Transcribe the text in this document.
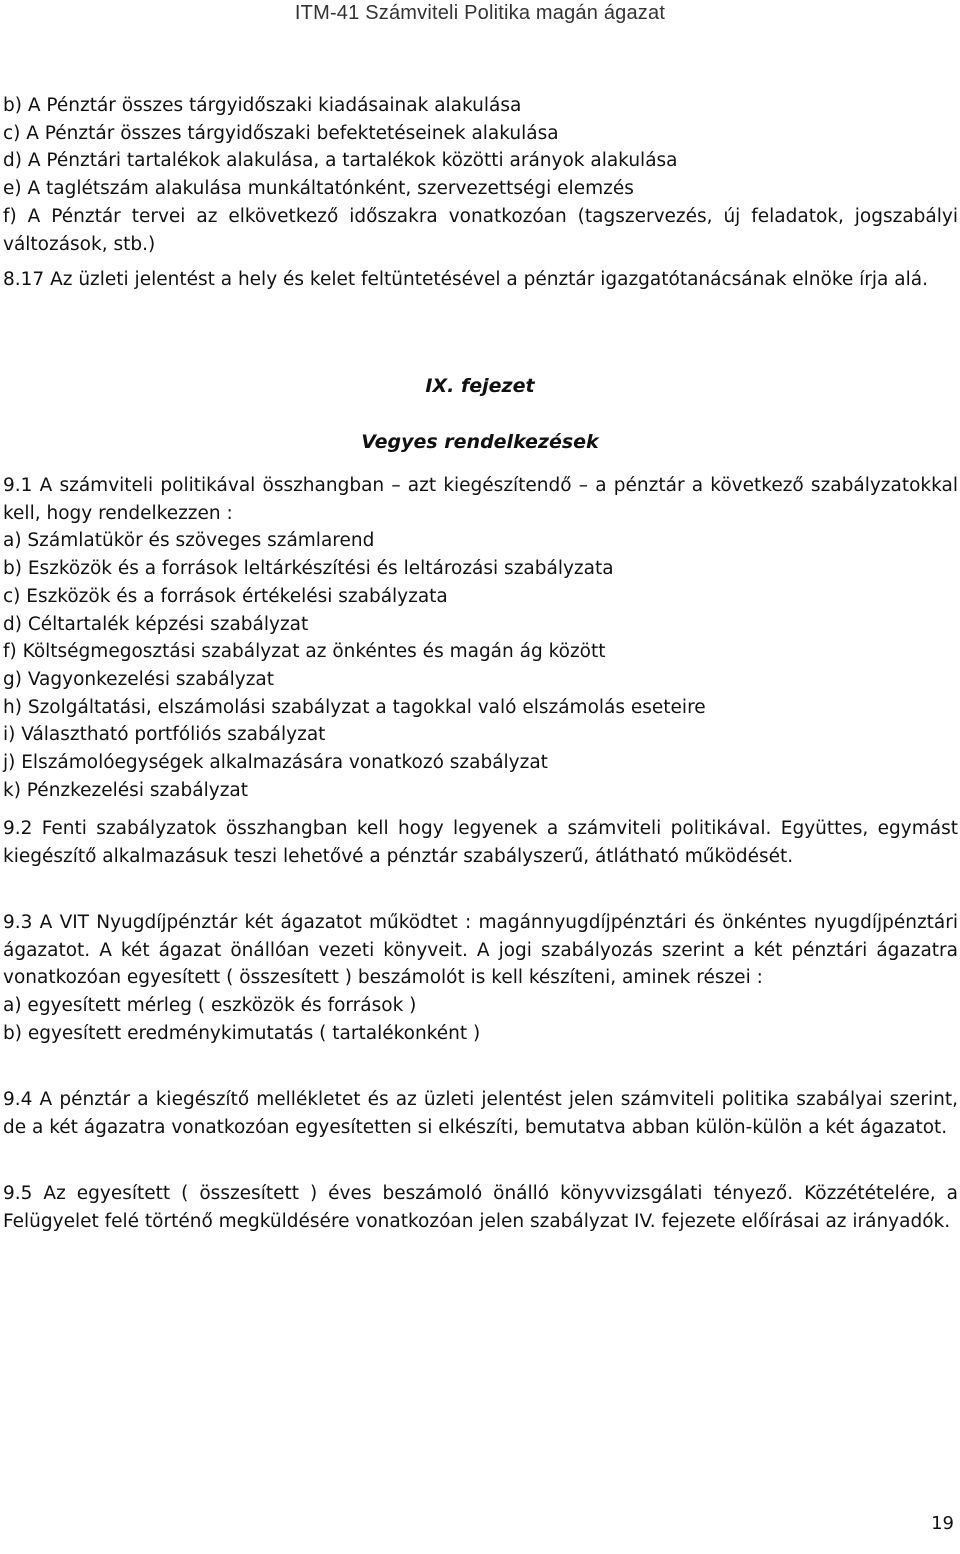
ITM-41 Számviteli Politika magán ágazat

b) A Pénztár összes tárgyidőszaki kiadásainak alakulása

c) A Pénztár összes tárgyidőszaki befektetéseinek alakulása

d) A Pénztári tartalékok alakulása, a tartalékok közötti arányok alakulása

e) A taglétszám alakulása munkáltatónként, szervezettségi elemzés

f) A Pénztár tervei az elkövetkező időszakra vonatkozóan (tagszervezés, új feladatok, jogszabályi változások, stb.)

8.17 Az üzleti jelentést a hely és kelet feltüntetésével a pénztár igazgatótanácsának elnöke írja alá.

IX. fejezet
Vegyes rendelkezések

9.1 A számviteli politikával összhangban – azt kiegészítendő – a pénztár a következő szabályzatokkal kell, hogy rendelkezzen :

a) Számlatükör és szöveges számlarend

b) Eszközök és a források leltárkészítési és leltározási szabályzata

c) Eszközök és a források értékelési szabályzata

d) Céltartalék képzési szabályzat

f) Költségmegosztási szabályzat az önkéntes és magán ág között

g) Vagyonkezelési szabályzat

h) Szolgáltatási, elszámolási szabályzat a tagokkal való elszámolás eseteire

i) Választható portfóliós szabályzat

j) Elszámolóegységek alkalmazására vonatkozó szabályzat

k) Pénzkezelési szabályzat

9.2 Fenti szabályzatok összhangban kell hogy legyenek a számviteli politikával. Együttes, egymást kiegészítő alkalmazásuk teszi lehetővé a pénztár szabályszerű, átlátható működését.

9.3 A VIT Nyugdíjpénztár két ágazatot működtet : magánnyugdíjpénztári és önkéntes nyugdíjpénztári ágazatot. A két ágazat önállóan vezeti könyveit. A jogi szabályozás szerint a két pénztári ágazatra vonatkozóan egyesített ( összesített ) beszámolót is kell készíteni, aminek részei :

a) egyesített mérleg ( eszközök és források )

b) egyesített eredménykimutatás ( tartalékonként )

9.4 A pénztár a kiegészítő mellékletet és az üzleti jelentést jelen számviteli politika szabályai szerint, de a két ágazatra vonatkozóan egyesítetten si elkészíti, bemutatva abban külön-külön a két ágazatot.

9.5 Az egyesített ( összesített ) éves beszámoló önálló könyvvizsgálati tényező. Közzétételére, a Felügyelet felé történő megküldésére vonatkozóan jelen szabályzat IV. fejezete előírásai az irányadók.

19
